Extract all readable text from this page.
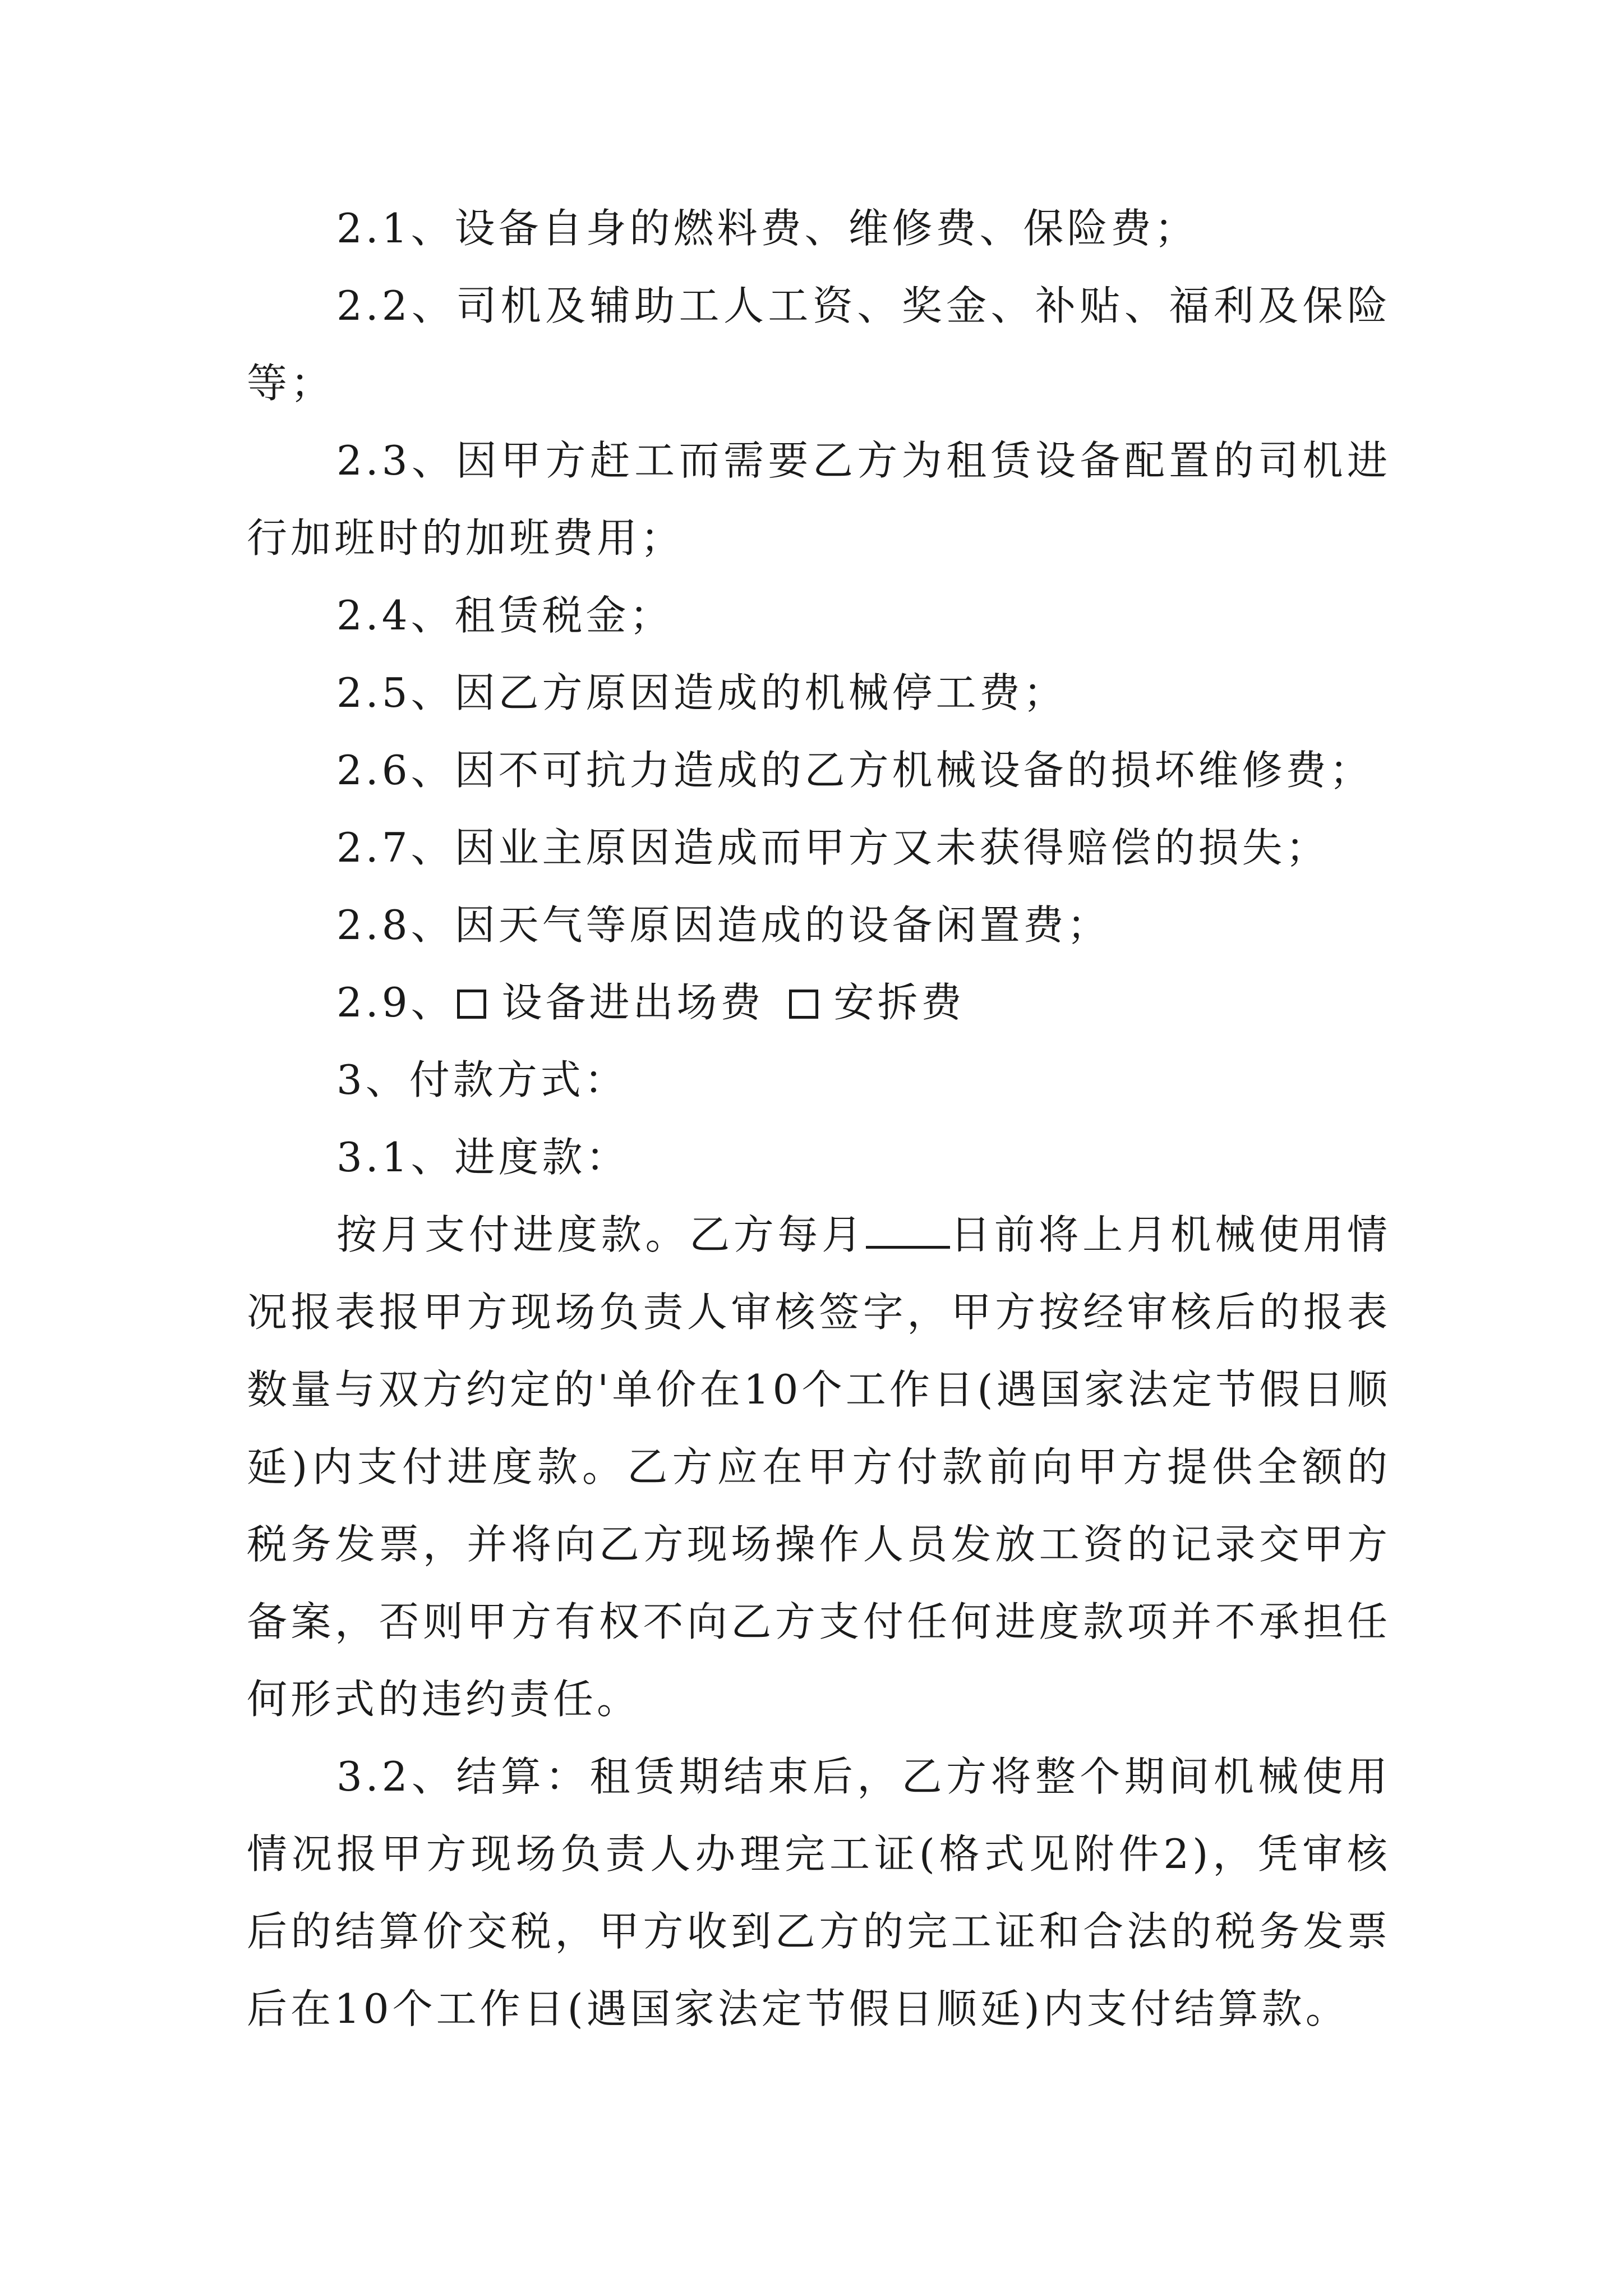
2.1、设备自身的燃料费、维修费、保险费；

2.2、司机及辅助工人工资、奖金、补贴、福利及保险等；

2.3、因甲方赶工而需要乙方为租赁设备配置的司机进行加班时的加班费用；

2.4、租赁税金；

2.5、因乙方原因造成的机械停工费；

2.6、因不可抗力造成的乙方机械设备的损坏维修费；

2.7、因业主原因造成而甲方又未获得赔偿的损失；

2.8、因天气等原因造成的设备闲置费；

2.9、 设备进出场费 安拆费

3、付款方式：

3.1、进度款：

按月支付进度款。乙方每月 日前将上月机械使用情况报表报甲方现场负责人审核签字，甲方按经审核后的报表数量与双方约定的'单价在10个工作日(遇国家法定节假日顺延)内支付进度款。乙方应在甲方付款前向甲方提供全额的税务发票，并将向乙方现场操作人员发放工资的记录交甲方备案，否则甲方有权不向乙方支付任何进度款项并不承担任何形式的违约责任。

3.2、结算：租赁期结束后，乙方将整个期间机械使用情况报甲方现场负责人办理完工证(格式见附件2)，凭审核后的结算价交税，甲方收到乙方的完工证和合法的税务发票后在10个工作日(遇国家法定节假日顺延)内支付结算款。
